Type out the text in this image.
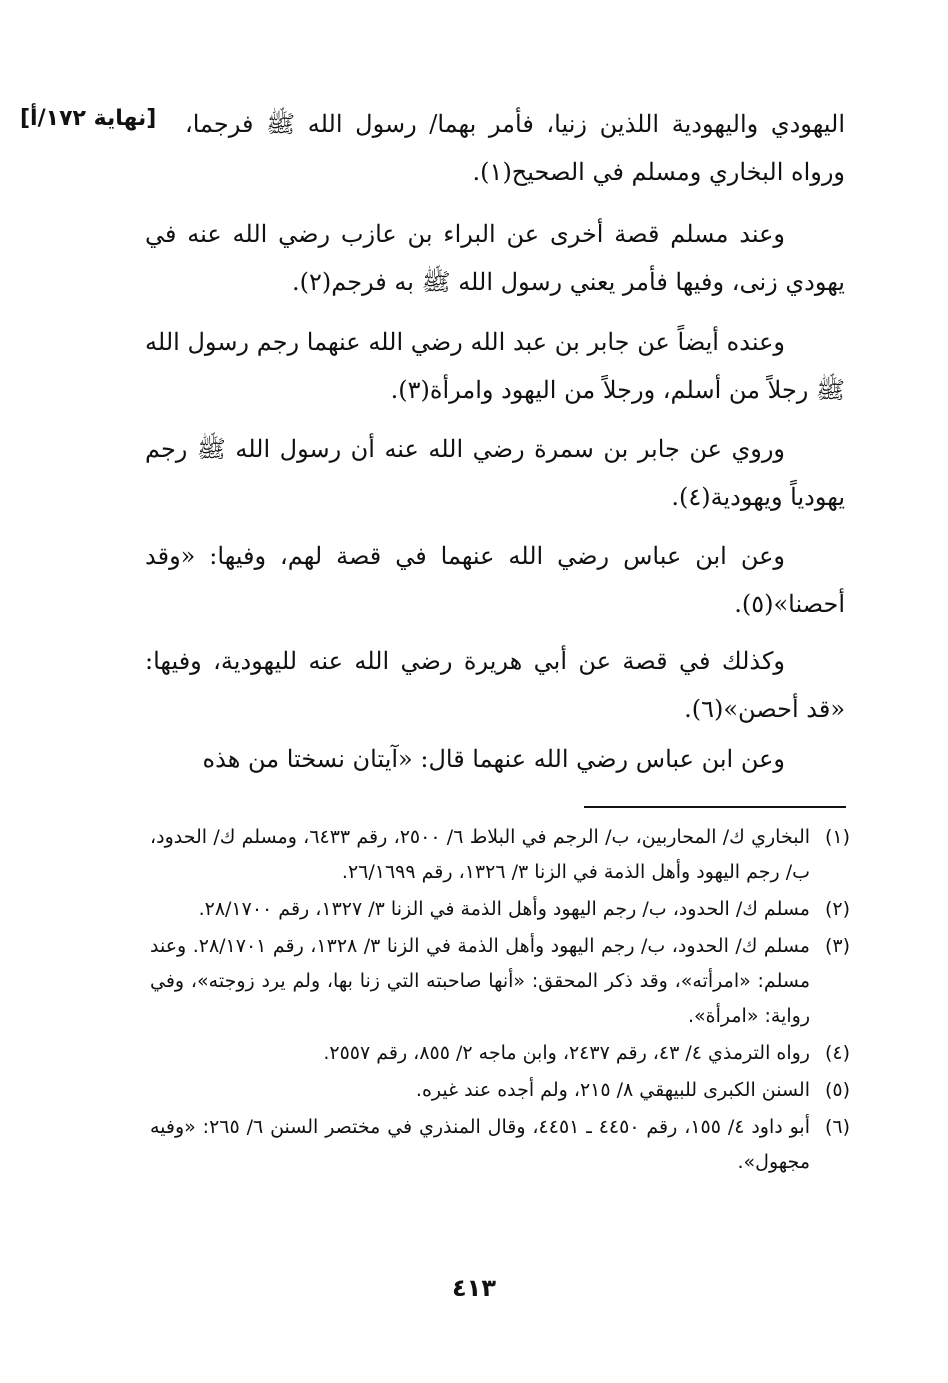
[نهاية ١٧٢/أ]	اليهودي واليهودية اللذين زنيا، فأمر بهما/ رسول الله ﷺ فرجما، ورواه البخاري ومسلم في الصحيح(١).

وعند مسلم قصة أخرى عن البراء بن عازب رضي الله عنه في يهودي زنى، وفيها فأمر يعني رسول الله ﷺ به فرجم(٢).

وعنده أيضاً عن جابر بن عبد الله رضي الله عنهما رجم رسول الله ﷺ رجلاً من أسلم، ورجلاً من اليهود وامرأة(٣).

وروي عن جابر بن سمرة رضي الله عنه أن رسول الله ﷺ رجم يهودياً ويهودية(٤).

وعن ابن عباس رضي الله عنهما في قصة لهم، وفيها: «وقد أحصنا»(٥).

وكذلك في قصة عن أبي هريرة رضي الله عنه لليهودية، وفيها: «قد أحصن»(٦).

وعن ابن عباس رضي الله عنهما قال: «آيتان نسختا من هذه

(١)
البخاري ك/ المحاربين، ب/ الرجم في البلاط ٦/ ٢٥٠٠، رقم ٦٤٣٣، ومسلم ك/ الحدود، ب/ رجم اليهود وأهل الذمة في الزنا ٣/ ١٣٢٦، رقم ٢٦/١٦٩٩.
(٢)
مسلم ك/ الحدود، ب/ رجم اليهود وأهل الذمة في الزنا ٣/ ١٣٢٧، رقم ٢٨/١٧٠٠.
(٣)
مسلم ك/ الحدود، ب/ رجم اليهود وأهل الذمة في الزنا ٣/ ١٣٢٨، رقم ٢٨/١٧٠١. وعند مسلم: «امرأته»، وقد ذكر المحقق: «أنها صاحبته التي زنا بها، ولم يرد زوجته»، وفي رواية: «امرأة».
(٤)
رواه الترمذي ٤/ ٤٣، رقم ٢٤٣٧، وابن ماجه ٢/ ٨٥٥، رقم ٢٥٥٧.
(٥)
السنن الكبرى للبيهقي ٨/ ٢١٥، ولم أجده عند غيره.
(٦)
أبو داود ٤/ ١٥٥، رقم ٤٤٥٠ ـ ٤٤٥١، وقال المنذري في مختصر السنن ٦/ ٢٦٥: «وفيه مجهول».
٤١٣
